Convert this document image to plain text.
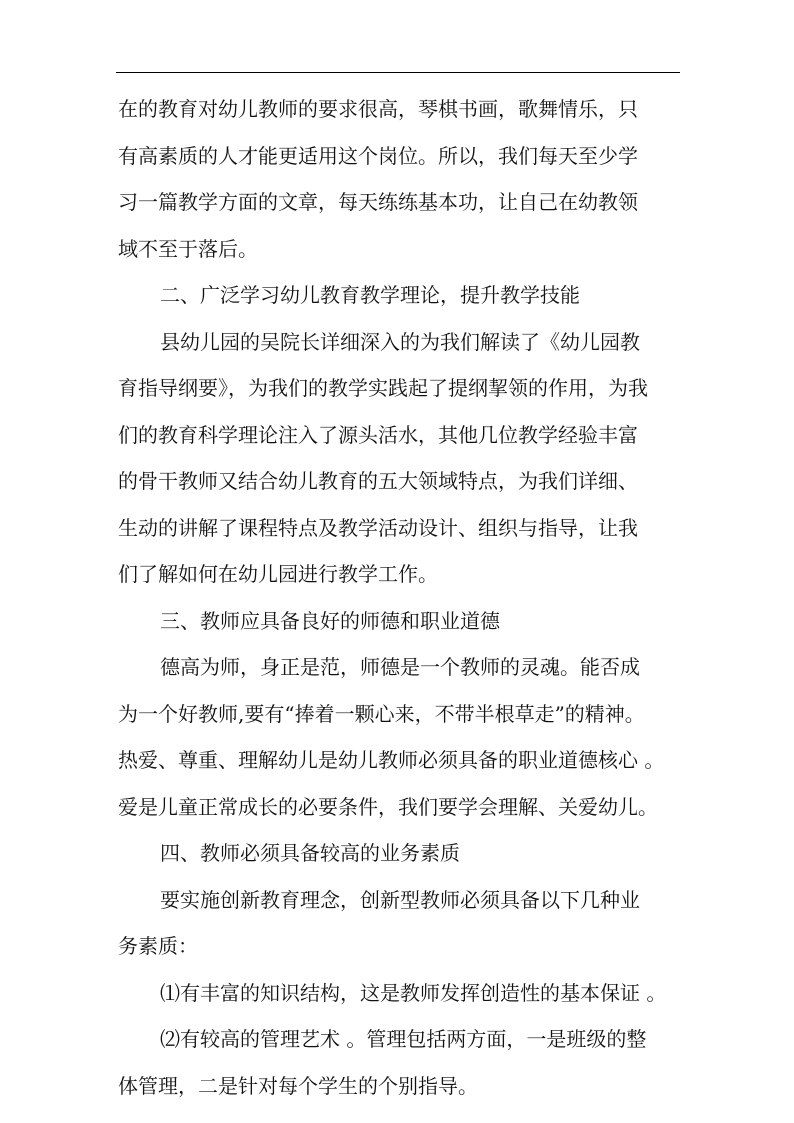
在的教育对幼儿教师的要求很高，琴棋书画，歌舞情乐，只
有高素质的人才能更适用这个岗位。所以，我们每天至少学
习一篇教学方面的文章，每天练练基本功，让自己在幼教领
域不至于落后。
二、广泛学习幼儿教育教学理论，提升教学技能
县幼儿园的吴院长详细深入的为我们解读了《幼儿园教
育指导纲要》，为我们的教学实践起了提纲挈领的作用，为我
们的教育科学理论注入了源头活水，其他几位教学经验丰富
的骨干教师又结合幼儿教育的五大领域特点，为我们详细、
生动的讲解了课程特点及教学活动设计、组织与指导，让我
们了解如何在幼儿园进行教学工作。
三、教师应具备良好的师德和职业道德
德高为师，身正是范，师德是一个教师的灵魂。能否成
为一个好教师,要有“捧着一颗心来，不带半根草走”的精神。
热爱、尊重、理解幼儿是幼儿教师必须具备的职业道德核心 。
爱是儿童正常成长的必要条件，我们要学会理解、关爱幼儿。
四、教师必须具备较高的业务素质
要实施创新教育理念，创新型教师必须具备以下几种业
务素质：
⑴有丰富的知识结构，这是教师发挥创造性的基本保证 。
⑵有较高的管理艺术 。管理包括两方面，一是班级的整
体管理，二是针对每个学生的个别指导。
